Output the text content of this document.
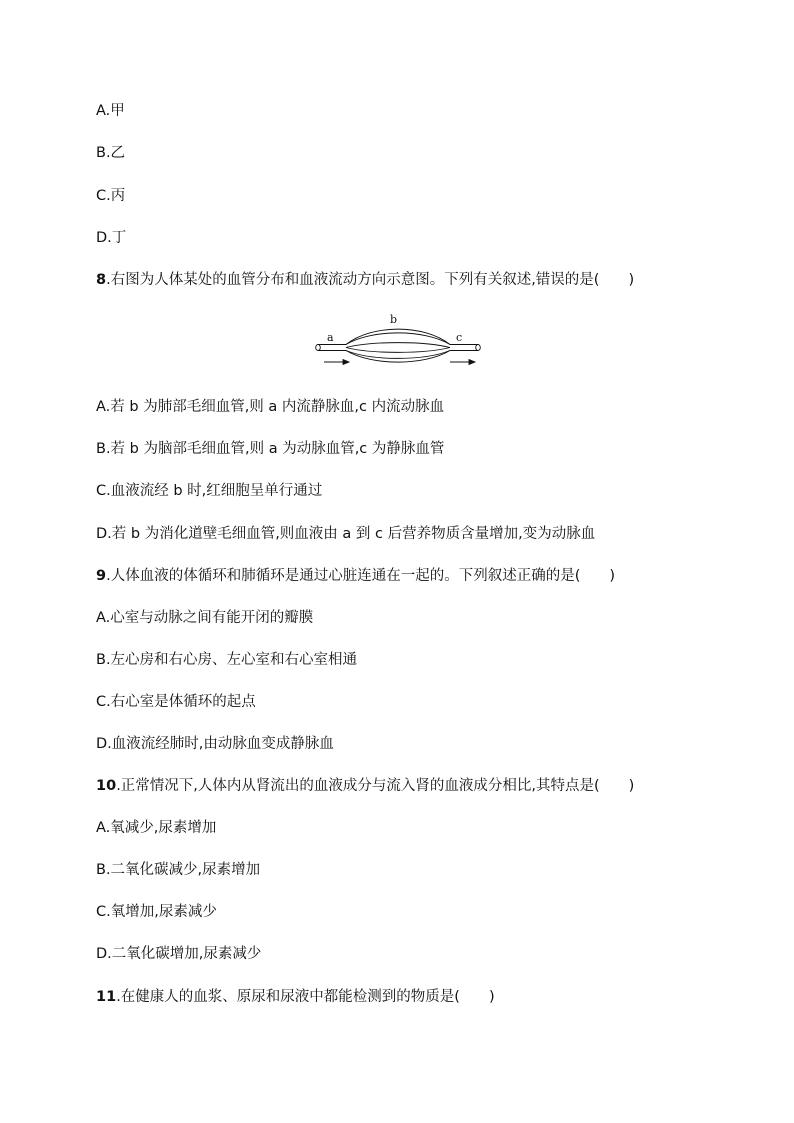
A.甲
B.乙
C.丙
D.丁
8.右图为人体某处的血管分布和血液流动方向示意图。下列有关叙述,错误的是(　　)
a
b
c
A.若 b 为肺部毛细血管,则 a 内流静脉血,c 内流动脉血
B.若 b 为脑部毛细血管,则 a 为动脉血管,c 为静脉血管
C.血液流经 b 时,红细胞呈单行通过
D.若 b 为消化道壁毛细血管,则血液由 a 到 c 后营养物质含量增加,变为动脉血
9.人体血液的体循环和肺循环是通过心脏连通在一起的。下列叙述正确的是(　　)
A.心室与动脉之间有能开闭的瓣膜
B.左心房和右心房、左心室和右心室相通
C.右心室是体循环的起点
D.血液流经肺时,由动脉血变成静脉血
10.正常情况下,人体内从肾流出的血液成分与流入肾的血液成分相比,其特点是(　　)
A.氧减少,尿素增加
B.二氧化碳减少,尿素增加
C.氧增加,尿素减少
D.二氧化碳增加,尿素减少
11.在健康人的血浆、原尿和尿液中都能检测到的物质是(　　)
